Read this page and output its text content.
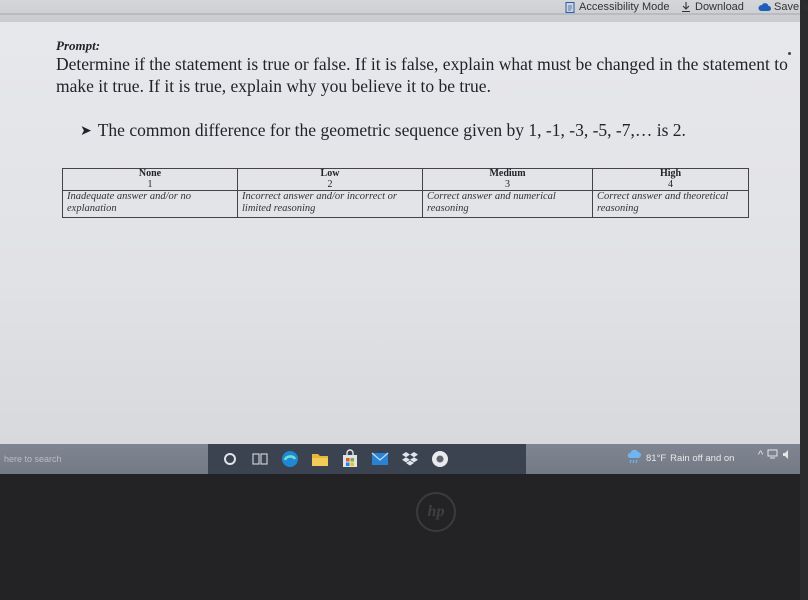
Accessibility Mode Download	Save a
Prompt:

Determine if the statement is true or false. If it is false, explain what must be changed in the statement to make it true. If it is true, explain why you believe it to be true.

➤ The common difference for the geometric sequence given by 1, -1, -3, -5, -7,… is 2.
None	Low	Medium	High
1	2	3	4
Inadequate answer and/or no explanation	Incorrect answer and/or incorrect or limited reasoning	Correct answer and numerical reasoning	Correct answer and theoretical reasoning
here to search	81°F Rain off and on ^
hp
